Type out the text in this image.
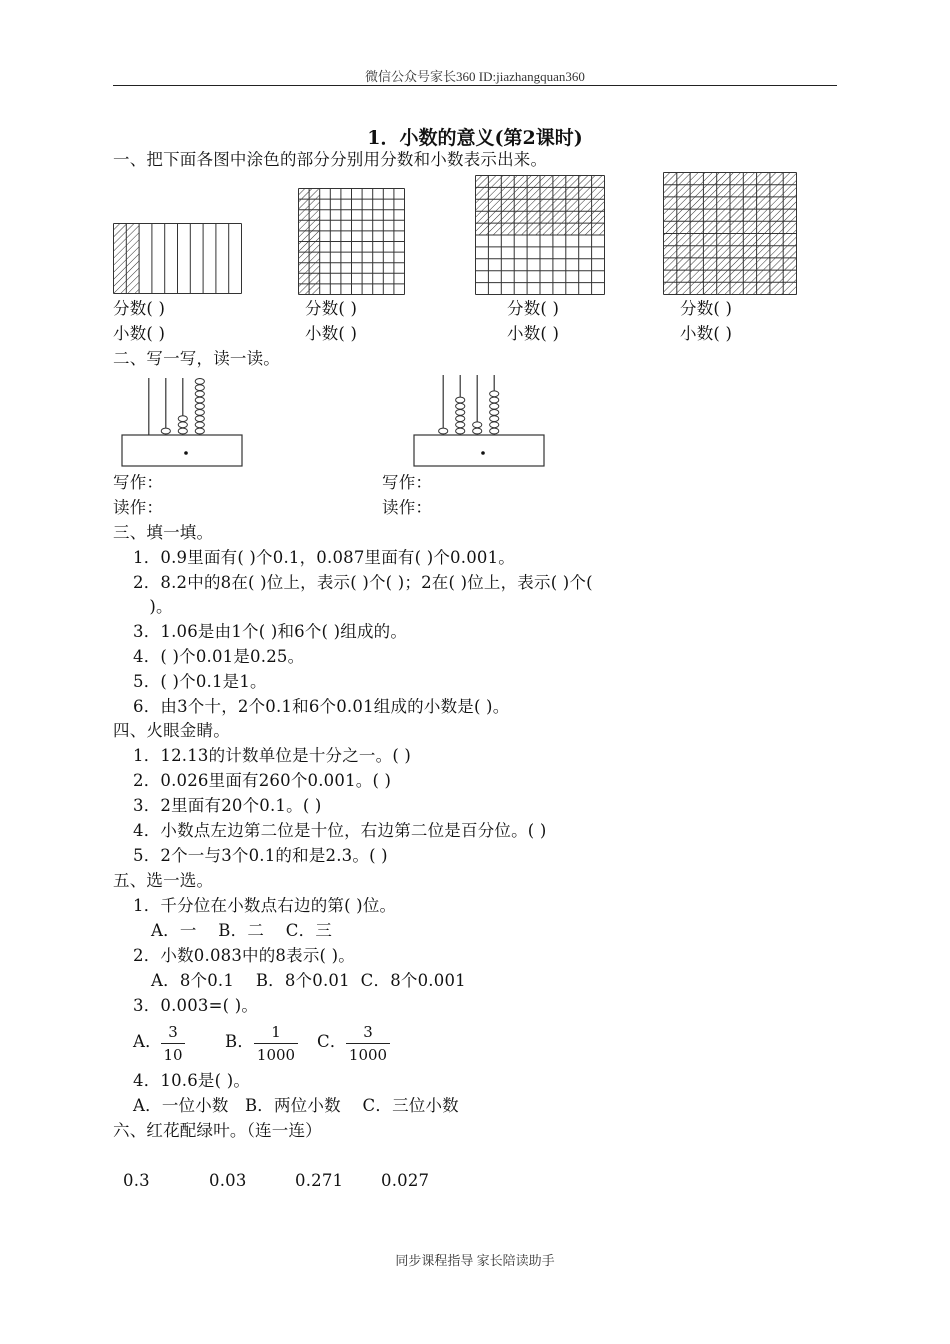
微信公众号家长360 ID:jiazhangquan360
1．小数的意义(第2课时)
一、把下面各图中涂色的部分分别用分数和小数表示出来。
分数( )
小数( )
分数( )
小数( )
分数( )
小数( )
分数( )
小数( )
二、写一写，读一读。
写作：
读作：
写作：
读作：
三、填一填。
1．0.9里面有( )个0.1，0.087里面有( )个0.001。
2．8.2中的8在( )位上，表示( )个( )；2在( )位上，表示( )个(
)。
3．1.06是由1个( )和6个( )组成的。
4．( )个0.01是0.25。
5．( )个0.1是1。
6．由3个十，2个0.1和6个0.01组成的小数是( )。
四、火眼金睛。
1．12.13的计数单位是十分之一。( )
2．0.026里面有260个0.001。( )
3．2里面有20个0.1。( )
4．小数点左边第二位是十位，右边第二位是百分位。( )
5．2个一与3个0.1的和是2.3。( )
五、选一选。
1．千分位在小数点右边的第( )位。
A．一    B．二    C．三
2．小数0.083中的8表示( )。
A．8个0.1    B．8个0.01  C．8个0.001
3．0.003=( )。
A． 3
10
B．	1
1000
C．	3
1000
4．10.6是( )。
A．一位小数   B．两位小数    C．三位小数
六、红花配绿叶。（连一连）
0.3	0.03	0.271 0.027
同步课程指导 家长陪读助手
